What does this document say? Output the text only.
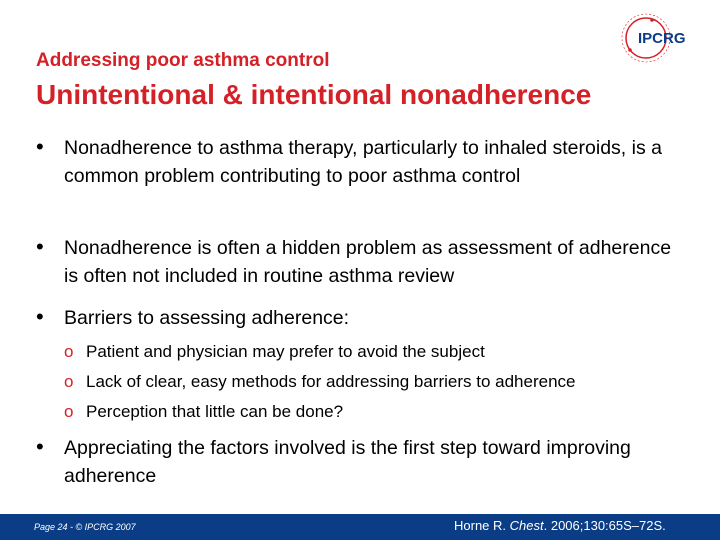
IPCRG
Addressing poor asthma control
Unintentional & intentional nonadherence
• Nonadherence to asthma therapy, particularly to inhaled steroids, is a common problem contributing to poor asthma control
• Nonadherence is often a hidden problem as assessment of adherence is often not included in routine asthma review
• Barriers to assessing adherence:
o Patient and physician may prefer to avoid the subject
o Lack of clear, easy methods for addressing barriers to adherence
o Perception that little can be done?
• Appreciating the factors involved is the first step toward improving adherence
Page 24 - © IPCRG 2007	Horne R. Chest. 2006;130:65S–72S.
